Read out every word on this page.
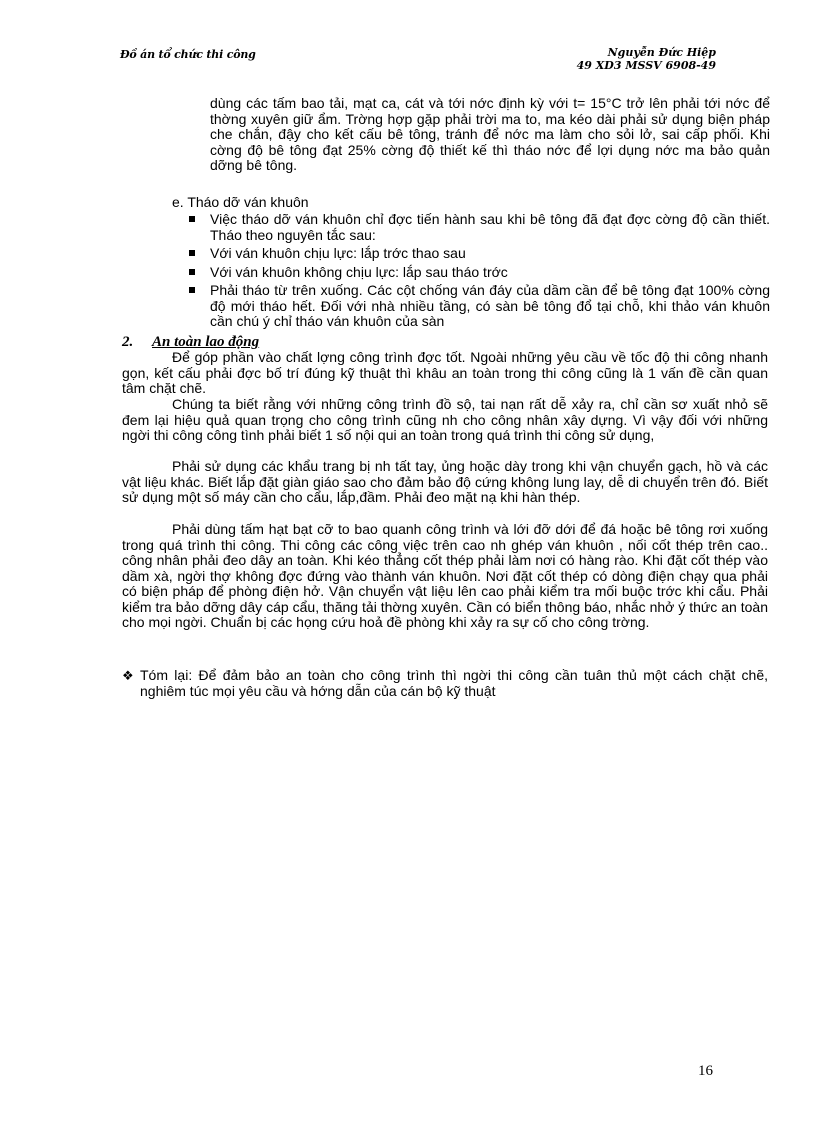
Đồ án tổ chức thi công	Nguyễn Đức Hiệp
49 XD3 MSSV 6908-49
dùng các tấm bao tải, mạt ca, cát và tới nớc định kỳ với t= 15°C trở lên phải tới nớc để thờng xuyên giữ ẩm. Trờng hợp gặp phải trời ma to, ma kéo dài phải sử dụng biện pháp che chắn, đậy cho kết cấu bê tông, tránh để nớc ma làm cho sỏi lở, sai cấp phối. Khi cờng độ bê tông đạt 25% cờng độ thiết kế thì tháo nớc để lợi dụng nớc ma bảo quản dỡng bê tông.
e. Tháo dỡ ván khuôn
Việc tháo dỡ ván khuôn chỉ đợc tiến hành sau khi bê tông đã đạt đợc cờng độ cần thiết. Tháo theo nguyên tắc sau:
Với ván khuôn chịu lực: lắp trớc thao sau
Với ván khuôn không chịu lực: lắp sau tháo trớc
Phải tháo từ trên xuống. Các cột chống ván đáy của dầm cần để bê tông đạt 100% cờng độ mới tháo hết. Đối với nhà nhiều tầng, có sàn bê tông đổ tại chỗ, khi thảo ván khuôn cần chú ý chỉ tháo ván khuôn của sàn
2. An toàn lao động
Để góp phần vào chất lợng công trình đợc tốt. Ngoài những yêu cầu về tốc độ thi công nhanh gọn, kết cấu phải đợc bố trí đúng kỹ thuật thì khâu an toàn trong thi công cũng là 1 vấn đề cần quan tâm chặt chẽ.
Chúng ta biết rằng với những công trình đồ sộ, tai nạn rất dễ xảy ra, chỉ cần sơ xuất nhỏ sẽ đem lại hiệu quả quan trọng cho công trình cũng nh cho công nhân xây dựng. Vì vậy đối với những ngời thi công công tình phải biết 1 số nội qui an toàn trong quá trình thi công sử dụng,
Phải sử dụng các khẩu trang bị nh tất tay, ủng hoặc dày trong khi vận chuyển gạch, hồ và các vật liệu khác. Biết lắp đặt giàn giáo sao cho đảm bảo độ cứng không lung lay, dễ di chuyển trên đó. Biết sử dụng một số máy cần cho cẩu, lắp,đầm. Phải đeo mặt nạ khi hàn thép.
Phải dùng tấm hạt bạt cỡ to bao quanh công trình và lới đỡ dới để đá hoặc bê tông rơi xuống trong quá trình thi công. Thi công các công việc trên cao nh ghép ván khuôn , nối cốt thép trên cao.. công nhân phải đeo dây an toàn. Khi kéo thẳng cốt thép phải làm nơi có hàng rào. Khi đặt cốt thép vào dầm xà, ngời thợ không đợc đứng vào thành ván khuôn. Nơi đặt cốt thép có dòng điện chạy qua phải có biện pháp để phòng điện hở. Vận chuyển vật liệu lên cao phải kiểm tra mối buộc trớc khi cẩu. Phải kiểm tra bảo dỡng dây cáp cẩu, thăng tải thờng xuyên. Cần có biển thông báo, nhắc nhở ý thức an toàn cho mọi ngời. Chuẩn bị các họng cứu hoả đề phòng khi xảy ra sự cố cho công trờng.
❖ Tóm lại: Để đảm bảo an toàn cho công trình thì ngời thi công cần tuân thủ một cách chặt chẽ, nghiêm túc mọi yêu cầu và hớng dẫn của cán bộ kỹ thuật
16
